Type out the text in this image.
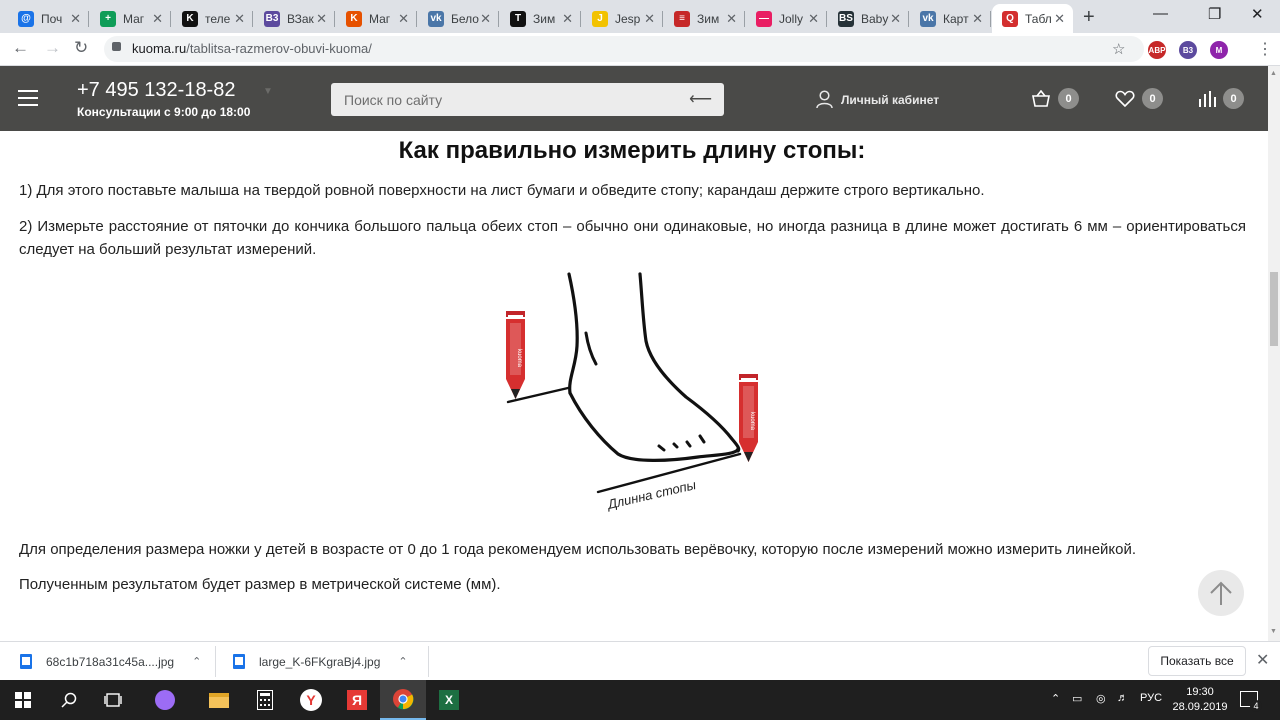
@ Поч ✕	+	Маг ✕	K теле ✕ B3 ВЗак ✕	K Маг ✕ vk Бело ✕	T Зим ✕	J	Jesp ✕	≡	Зим ✕	— Jolly ✕ BS Baby ✕ vk Карт ✕	Q Табл ✕ +	—	❐ ✕
← → ↻	kuoma.ru/tablitsa-razmerov-obuvi-kuoma/	☆	ABP	B3	M	⋮
+7 495 132-18-82	▼
Консультации с 9:00 до 18:00
Поиск по сайту
⟵	Личный кабинет	0	0	0
Как правильно измерить длину стопы:

1) Для этого поставьте малыша на твердой ровной поверхности на лист бумаги и обведите стопу; карандаш держите строго вертикально.

2) Измерьте расстояние от пяточки до кончика большого пальца обеих стоп – обычно они одинаковые, но иногда разница в длине может достигать 6 мм – ориентироваться следует на больший результат измерений.

kuoma
kuoma
Длинна стопы

Для определения размера ножки у детей в возрасте от 0 до 1 года рекомендуем использовать верёвочку, которую после измерений можно измерить линейкой.

Полученным результатом будет размер в метрической системе (мм).

▲
▼
68c1b718a31c45a....jpg ⌃	large_K-6FKgraBj4.jpg ⌃	Показать все	✕
Y	Я	X	⌃ ▭ ◎ ♬ РУС	19:30
28.09.2019	4
